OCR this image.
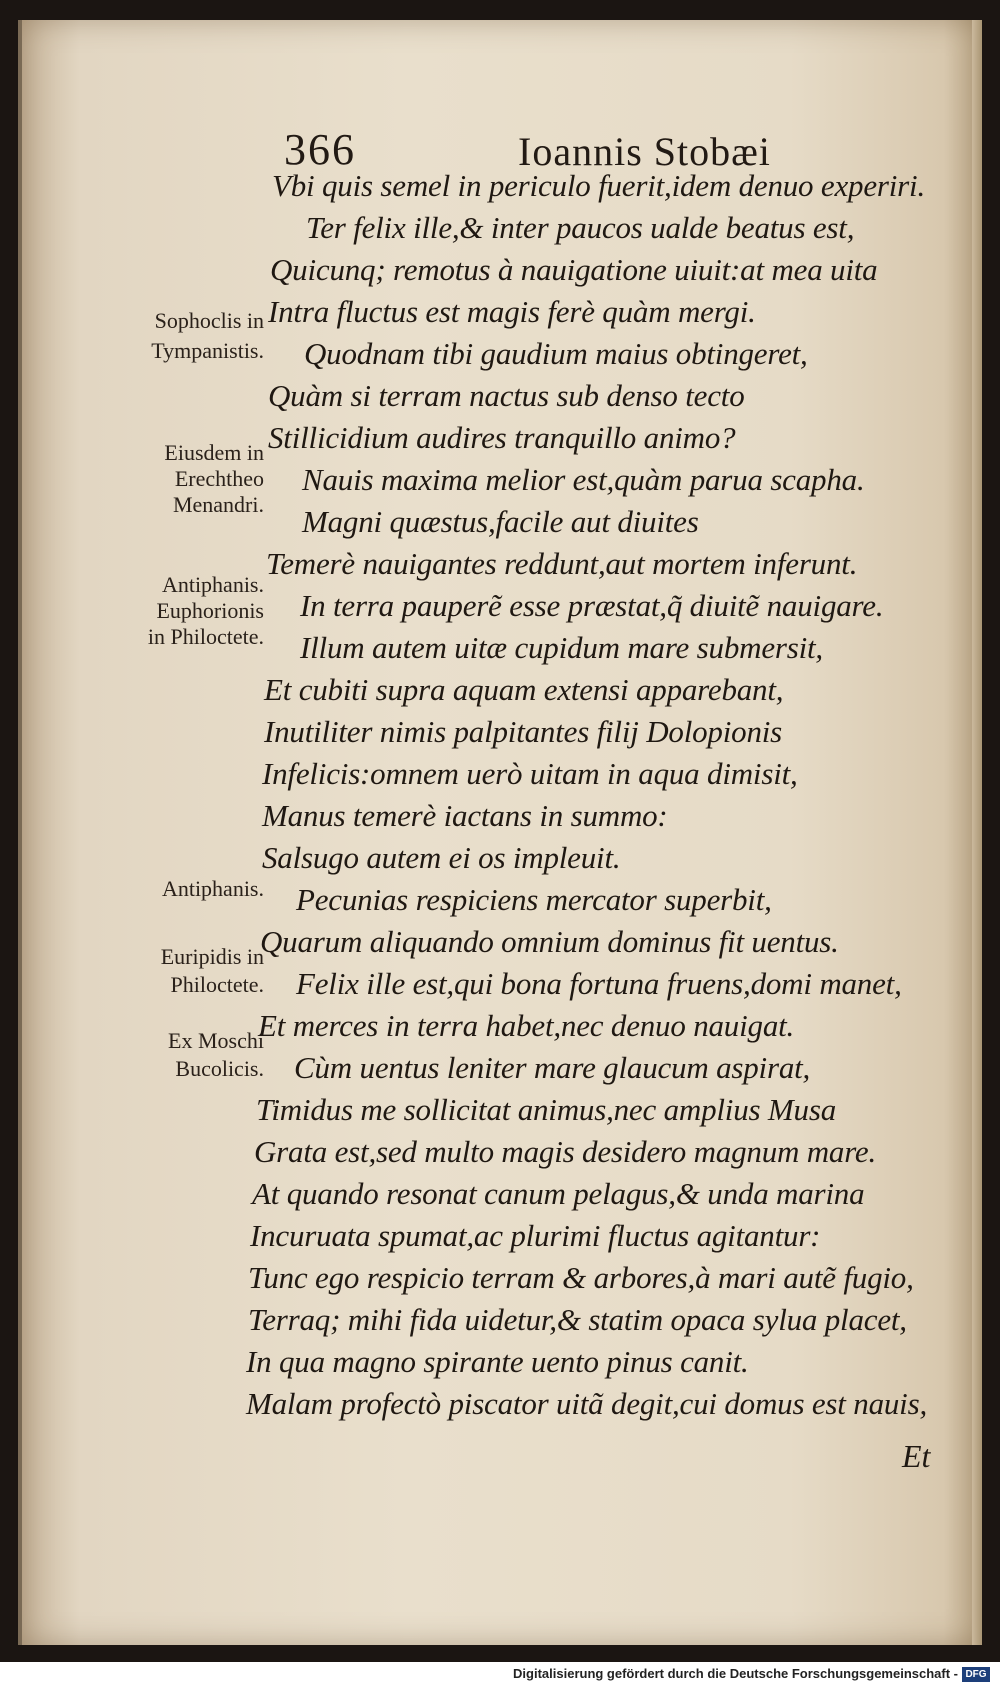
366	Ioannis Stobæi
Sophoclis in
Tympanistis.
Eiusdem in
Erechtheo
Menandri.
Antiphanis.
Euphorionis
in Philoctete.
Antiphanis.
Euripidis in
Philoctete.
Ex Moschi
Bucolicis.
Vbi quis semel in periculo fuerit,idem denuo experiri.
Ter felix ille,& inter paucos ualde beatus est,
Quicunq; remotus à nauigatione uiuit:at mea uita
Intra fluctus est magis ferè quàm mergi.
Quodnam tibi gaudium maius obtingeret,
Quàm si terram nactus sub denso tecto
Stillicidium audires tranquillo animo?
Nauis maxima melior est,quàm parua scapha.
Magni quæstus,facile aut diuites
Temerè nauigantes reddunt,aut mortem inferunt.
In terra pauperẽ esse præstat,q̃ diuitẽ nauigare.
Illum autem uitæ cupidum mare submersit,
Et cubiti supra aquam extensi apparebant,
Inutiliter nimis palpitantes filij Dolopionis
Infelicis:omnem uerò uitam in aqua dimisit,
Manus temerè iactans in summo:
Salsugo autem ei os impleuit.
Pecunias respiciens mercator superbit,
Quarum aliquando omnium dominus fit uentus.
Felix ille est,qui bona fortuna fruens,domi manet,
Et merces in terra habet,nec denuo nauigat.
Cùm uentus leniter mare glaucum aspirat,
Timidus me sollicitat animus,nec amplius Musa
Grata est,sed multo magis desidero magnum mare.
At quando resonat canum pelagus,& unda marina
Incuruata spumat,ac plurimi fluctus agitantur:
Tunc ego respicio terram & arbores,à mari autẽ fugio,
Terraq; mihi fida uidetur,& statim opaca sylua placet,
In qua magno spirante uento pinus canit.
Malam profectò piscator uitã degit,cui domus est nauis,
Et
Digitalisierung gefördert durch die Deutsche Forschungsgemeinschaft - DFG
